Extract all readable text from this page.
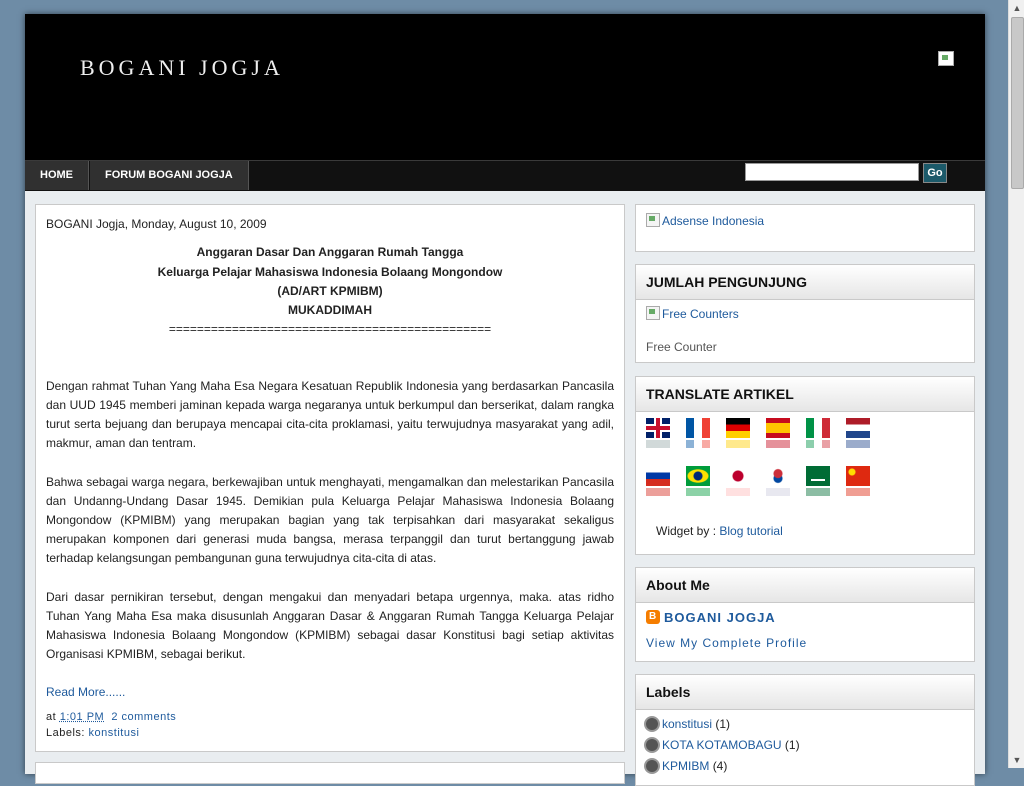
BOGANI JOGJA
HOME	FORUM BOGANI JOGJA	Go
BOGANI Jogja, Monday, August 10, 2009
Anggaran Dasar Dan Anggaran Rumah Tangga
Keluarga Pelajar Mahasiswa Indonesia Bolaang Mongondow
(AD/ART KPMIBM)
MUKADDIMAH
==============================================

Dengan rahmat Tuhan Yang Maha Esa Negara Kesatuan Republik Indonesia yang berdasarkan Pancasila dan UUD 1945 memberi jaminan kepada warga negaranya untuk berkumpul dan berserikat, dalam rangka turut serta bejuang dan berupaya mencapai cita-cita proklamasi, yaitu terwujudnya masyarakat yang adil, makmur, aman dan tentram.

Bahwa sebagai warga negara, berkewajiban untuk menghayati, mengamalkan dan melestarikan Pancasila dan Undanng-Undang Dasar 1945. Demikian pula Keluarga Pelajar Mahasiswa Indonesia Bolaang Mongondow (KPMIBM) yang merupakan bagian yang tak terpisahkan dari masyarakat sekaligus merupakan komponen dari generasi muda bangsa, merasa terpanggil dan turut bertanggung jawab terhadap kelangsungan pembangunan guna terwujudnya cita-cita di atas.

Dari dasar pernikiran tersebut, dengan mengakui dan menyadari betapa urgennya, maka. atas ridho Tuhan Yang Maha Esa maka disusunlah Anggaran Dasar & Anggaran Rumah Tangga Keluarga Pelajar Mahasiswa Indonesia Bolaang Mongondow (KPMIBM) sebagai dasar Konstitusi bagi setiap aktivitas Organisasi KPMIBM, sebagai berikut.

Read More......
at 1:01 PM 2 comments
Labels: konstitusi
Adsense Indonesia
JUMLAH PENGUNJUNG
Free Counters
Free Counter
TRANSLATE ARTIKEL
Widget by : Blog tutorial
About Me
BBOGANI JOGJA
View My Complete Profile
Labels
konstitusi (1)
KOTA KOTAMOBAGU (1)
KPMIBM (4)
▲
▼
